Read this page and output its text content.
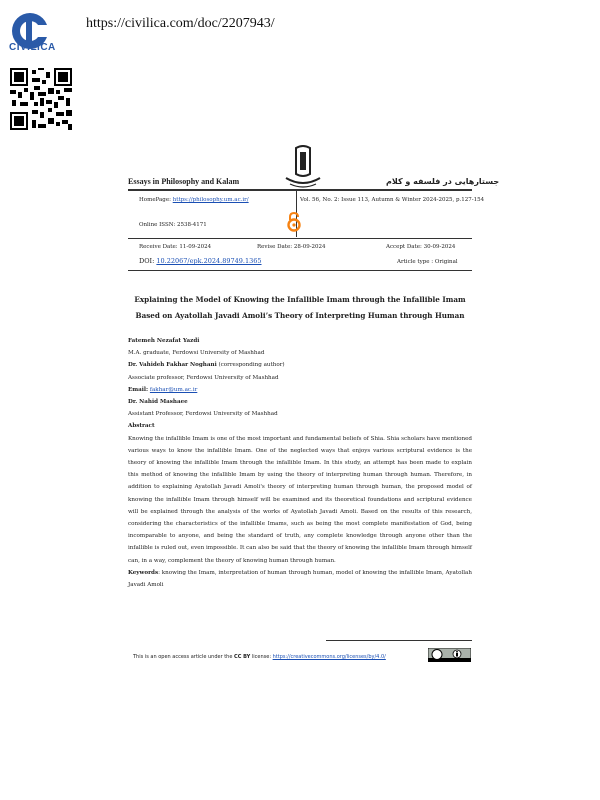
CIVILICA
https://civilica.com/doc/2207943/
Essays in Philosophy and Kalam	جستارهایی در فلسفه و کلام
HomePage: https://philosophy.um.ac.ir/	Vol. 56, No. 2: Issue 113, Autumn & Winter 2024-2025, p.127-154
Online ISSN: 2538-4171
Receive Date: 11-09-2024	Revise Date: 28-09-2024	Accept Date: 30-09-2024
DOI: 10.22067/epk.2024.89749.1365	Article type : Original
Explaining the Model of Knowing the Infallible Imam through the Infallible Imam
Based on Ayatollah Javadi Amoli’s Theory of Interpreting Human through Human

Fatemeh Nezafat Yazdi

M.A. graduate, Ferdowsi University of Mashhad

Dr. Vahideh Fakhar Noghani (corresponding author)

Associate professor, Ferdowsi University of Mashhad

Email: fakhar@um.ac.ir

Dr. Nahid Mashaee

Assistant Professor, Ferdowsi University of Mashhad

Abstract

Knowing the infallible Imam is one of the most important and fundamental beliefs of Shia. Shia scholars have mentioned various ways to know the infallible Imam. One of the neglected ways that enjoys various scriptural evidence is the theory of knowing the infallible Imam through the infallible Imam. In this study, an attempt has been made to explain this method of knowing the infallible Imam by using the theory of interpreting human through human. Therefore, in addition to explaining Ayatollah Javadi Amoli's theory of interpreting human through human, the proposed model of knowing the infallible Imam through himself will be examined and its theoretical foundations and scriptural evidence will be explained through the analysis of the works of Ayatollah Javadi Amoli. Based on the results of this research, considering the characteristics of the infallible Imams, such as being the most complete manifestation of God, being incomparable to anyone, and being the standard of truth, any complete knowledge through anyone other than the infallible is ruled out, even impossible. It can also be said that the theory of knowing the infallible Imam through himself can, in a way, complement the theory of knowing human through human.

Keywords: knowing the Imam, interpretation of human through human, model of knowing the infallible Imam, Ayatollah Javadi Amoli

This is an open access article under the CC BY license: https://creativecommons.org/licenses/by/4.0/
